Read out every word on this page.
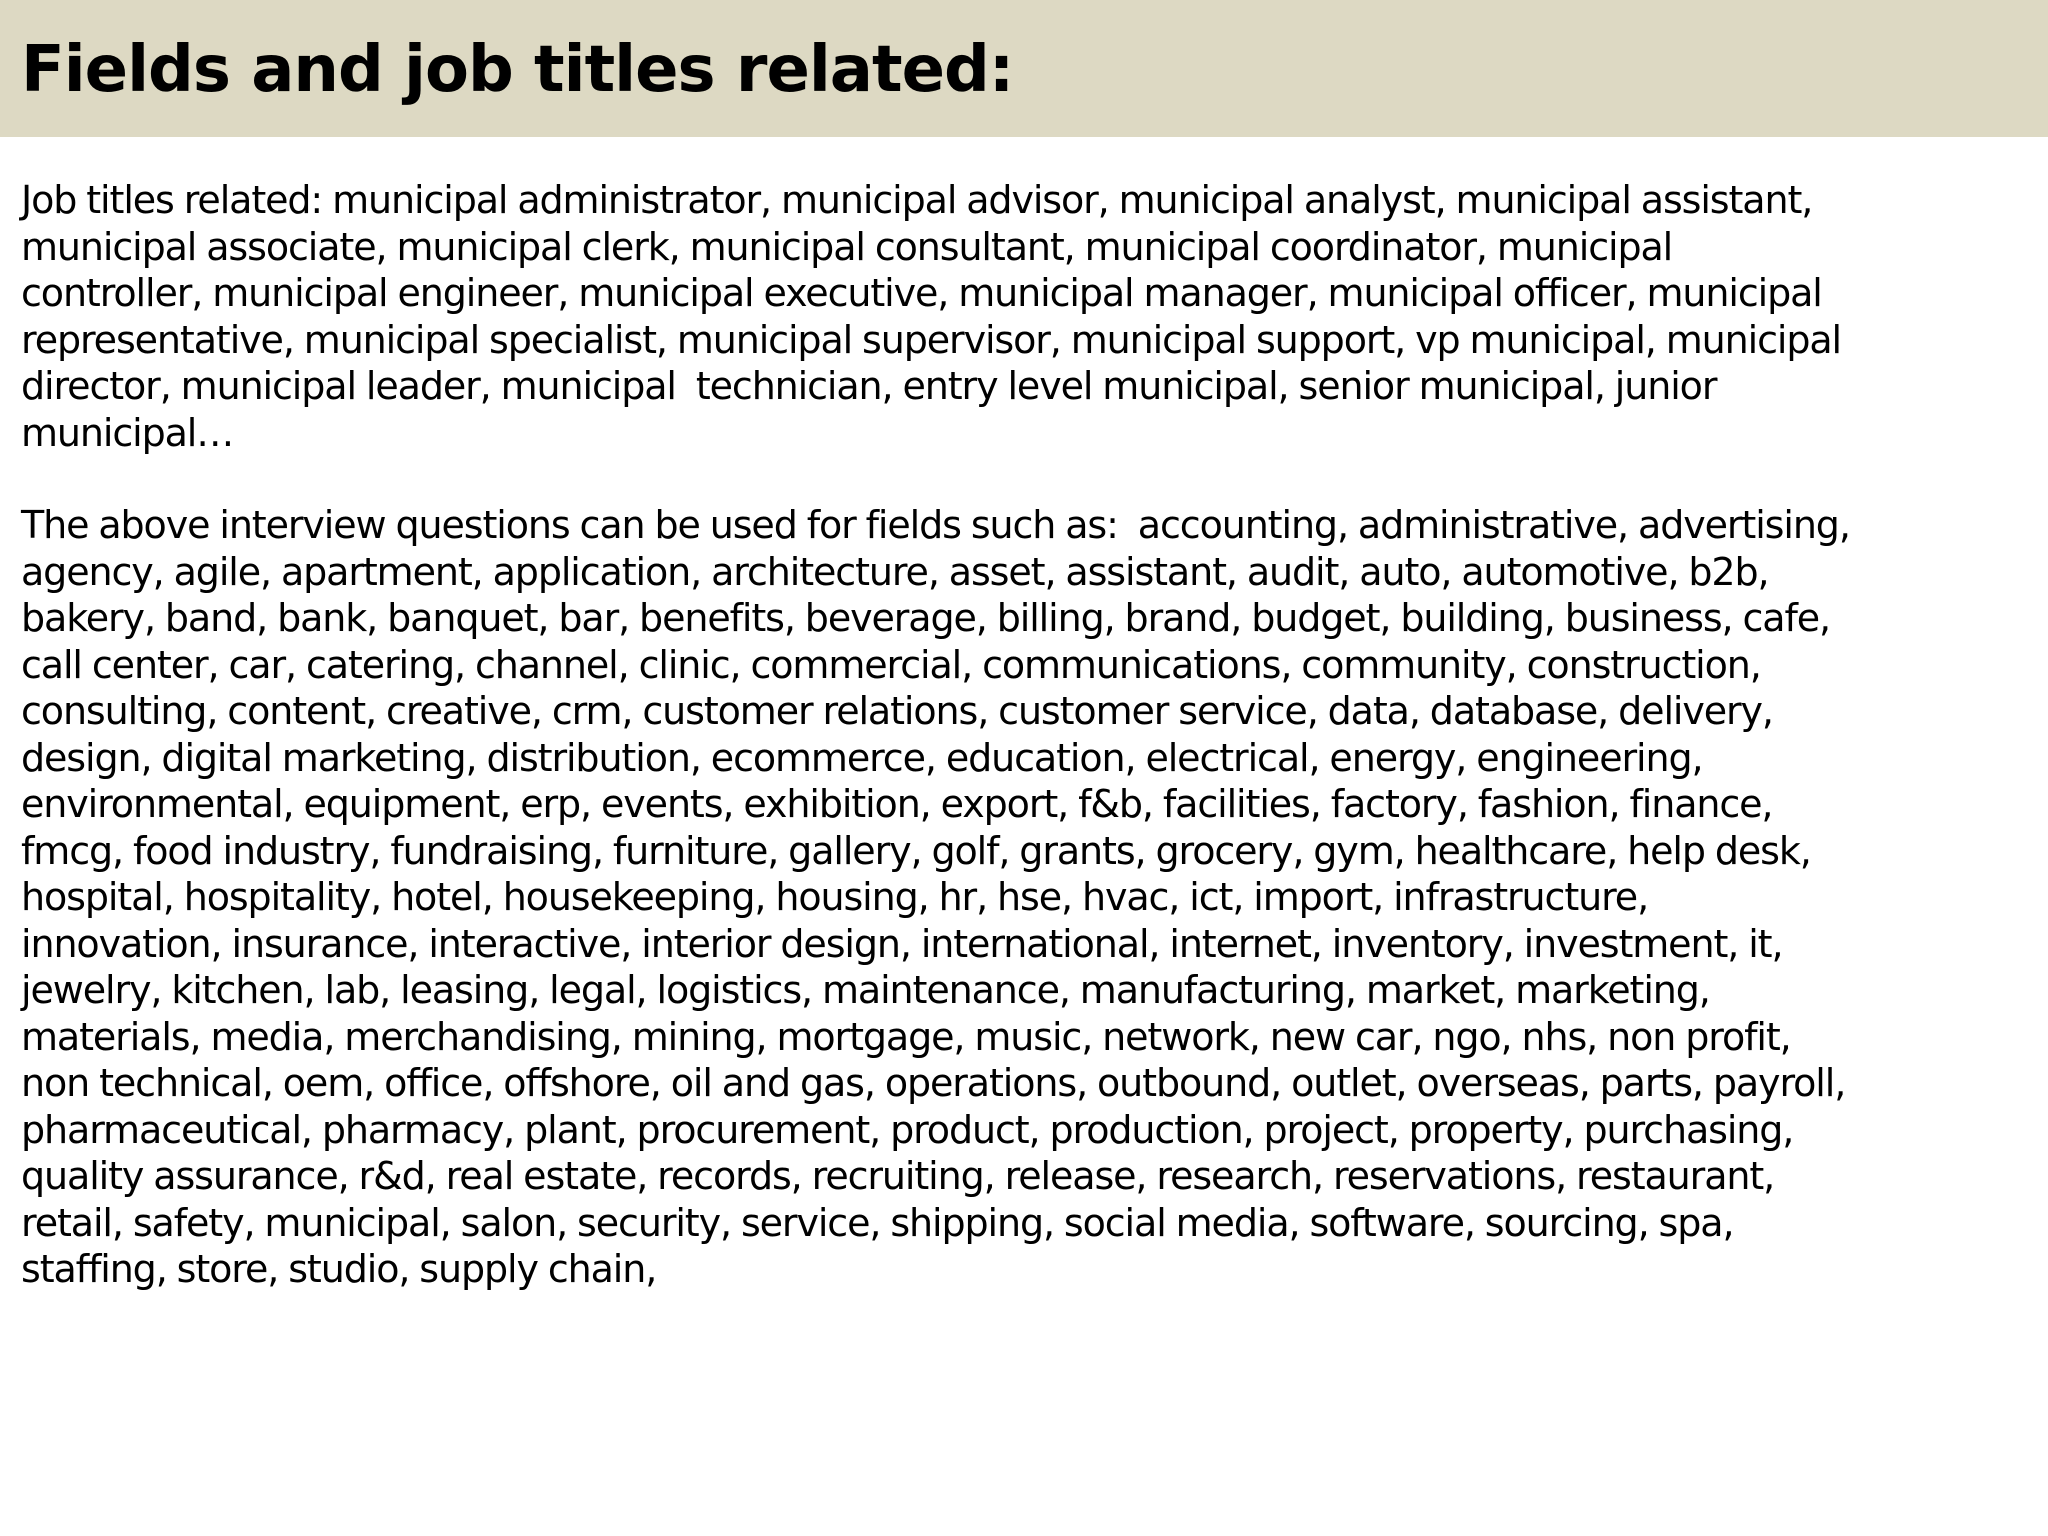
Fields and job titles related:

Job titles related: municipal administrator, municipal advisor, municipal analyst, municipal assistant,
municipal associate, municipal clerk, municipal consultant, municipal coordinator, municipal
controller, municipal engineer, municipal executive, municipal manager, municipal officer, municipal
representative, municipal specialist, municipal supervisor, municipal support, vp municipal, municipal
director, municipal leader, municipal  technician, entry level municipal, senior municipal, junior
municipal…

The above interview questions can be used for fields such as:  accounting, administrative, advertising,
agency, agile, apartment, application, architecture, asset, assistant, audit, auto, automotive, b2b,
bakery, band, bank, banquet, bar, benefits, beverage, billing, brand, budget, building, business, cafe,
call center, car, catering, channel, clinic, commercial, communications, community, construction,
consulting, content, creative, crm, customer relations, customer service, data, database, delivery,
design, digital marketing, distribution, ecommerce, education, electrical, energy, engineering,
environmental, equipment, erp, events, exhibition, export, f&b, facilities, factory, fashion, finance,
fmcg, food industry, fundraising, furniture, gallery, golf, grants, grocery, gym, healthcare, help desk,
hospital, hospitality, hotel, housekeeping, housing, hr, hse, hvac, ict, import, infrastructure,
innovation, insurance, interactive, interior design, international, internet, inventory, investment, it,
jewelry, kitchen, lab, leasing, legal, logistics, maintenance, manufacturing, market, marketing,
materials, media, merchandising, mining, mortgage, music, network, new car, ngo, nhs, non profit,
non technical, oem, office, offshore, oil and gas, operations, outbound, outlet, overseas, parts, payroll,
pharmaceutical, pharmacy, plant, procurement, product, production, project, property, purchasing,
quality assurance, r&d, real estate, records, recruiting, release, research, reservations, restaurant,
retail, safety, municipal, salon, security, service, shipping, social media, software, sourcing, spa,
staffing, store, studio, supply chain,
